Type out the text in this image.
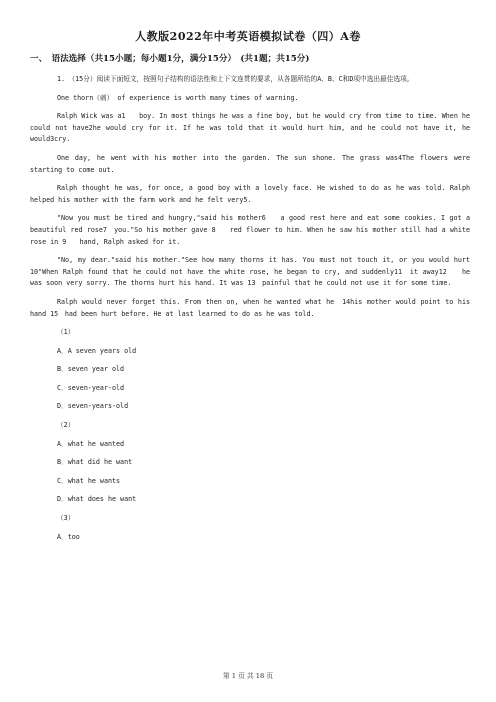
人教版2022年中考英语模拟试卷（四）A卷
一、　语法选择（共15小题；每小题1分，满分15分）　(共1题；共15分)

1.　（15分）阅读下面短文，按照句子结构的语法性和上下文连贯的要求，从各题所给的A、B、C和D项中选出最佳选项。

One thorn（刺） of experience is worth many times of warning.

Ralph Wick was a1　　boy. In most things he was a fine boy, but he would cry from time to time. When he could not have2he would cry for it. If he was told that it would hurt him, and he could not have it, he would3cry.

One day, he went with his mother into the garden. The sun shone. The grass was4The flowers were starting to come out.

Ralph thought he was, for once, a good boy with a lovely face. He wished to do as he was told. Ralph helped his mother with the farm work and he felt very5.

"Now you must be tired and hungry,"said his mother6　　a good rest here and eat some cookies. I got a beautiful red rose7　you."So his mother gave 8　　red flower to him. When he saw his mother still had a white rose in 9　　hand, Ralph asked for it.

"No, my dear."said his mother."See how many thorns it has. You must not touch it, or you would hurt 10"When Ralph found that he could not have the white rose, he began to cry, and suddenly11　it away12　　he was soon very sorry. The thorns hurt his hand. It was 13　painful that he could not use it for some time.

Ralph would never forget this. From then on, when he wanted what he　14his mother would point to his hand 15　had been hurt before. He at last learned to do as he was told.

（1）

A．A seven years old

B．seven year old

C．seven-year-old

D．seven-years-old

（2）

A．what he wanted

B．what did he want

C．what he wants

D．what does he want

（3）

A．too

第 1 页 共 18 页
